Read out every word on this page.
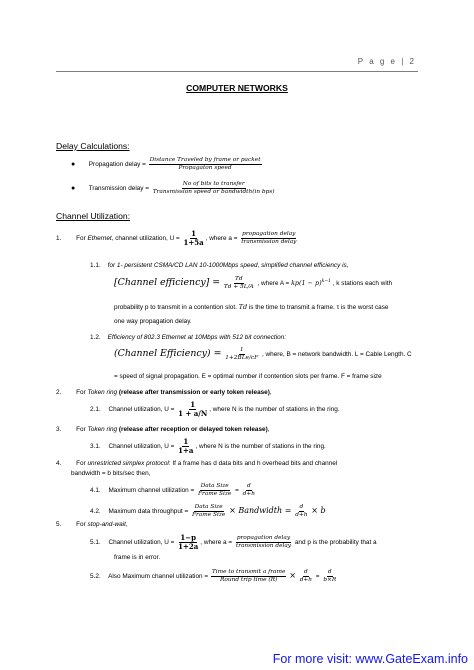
P a g e | 2
COMPUTER NETWORKS
Delay Calculations:
● Propagation delay = $\frac{\text{Distance Traveled by frame or packet}}{\text{Propagaton speed}}$
● Transmission delay = $\frac{\text{No of bits to transfer}}{\text{Transmission speed or bandwidth(in bps)}}$
Channel Utilization:
1. For Ethernet, channel utilization, $U = \frac{1}{1+5a}$ , where $a = \frac{\text{propagation delay}}{\text{transmission delay}}$
1.1. for 1- persistent CSMA/CD LAN 10-1000Mbps speed, simplified channel efficiency is,
[Channel efficiency] = $\frac{Td}{Td + 5L/A}$ , where $A = kp(1 - p)^{k-1}$ , k stations each with
probability p to transmit in a contention slot. Td is the time to transmit a frame. τ is the worst case
one way propagation delay.
1.2. Efficiency of 802.3 Ethernet at 10Mbps with 512 bit connection:
(Channel Efficiency) = $\frac{1}{\text{1+2BLe/cF}}$ , where, B = network bandwidth. L = Cable Length. C
= speed of signal propagation. E = optimal number if contention slots per frame. F = frame size
2. For Token ring (release after transmission or early token release),
2.1. Channel utilization, $U = \frac{1}{1 + a/N}$ , where N is the number of stations in the ring.
3. For Token ring (release after reception or delayed token release),
3.1. Channel utilization, $U = \frac{1}{1+a}$ , where N is the number of stations in the ring.
4. For unrestricted simplex protocol: If a frame has d data bits and h overhead bits and channel
bandwidth = b bits/sec then,
4.1. Maximum channel utilization = $\frac{\text{Data Size}}{\text{Frame Size}} = \frac{d}{d+h}$
4.2. Maximum data throughput = $\frac{\text{Data Size}}{\text{Frame Size}}$ × Bandwidth = $\frac{d}{d+h} \times b$
5. For stop-and-wait,
5.1. Channel utilization, $U = \frac{1-p}{1+2a}$ , where $a = \frac{\text{propagation delay}}{\text{transmission delay}}$ and p is the probability that a
frame is in error.
5.2. Also Maximum channel utilization = $\frac{\text{Time to transmit a frame}}{\text{Round trip time (R)}} \times \frac{d}{d+h} = \frac{d}{b\times R}$
For more visit: www.GateExam.info
